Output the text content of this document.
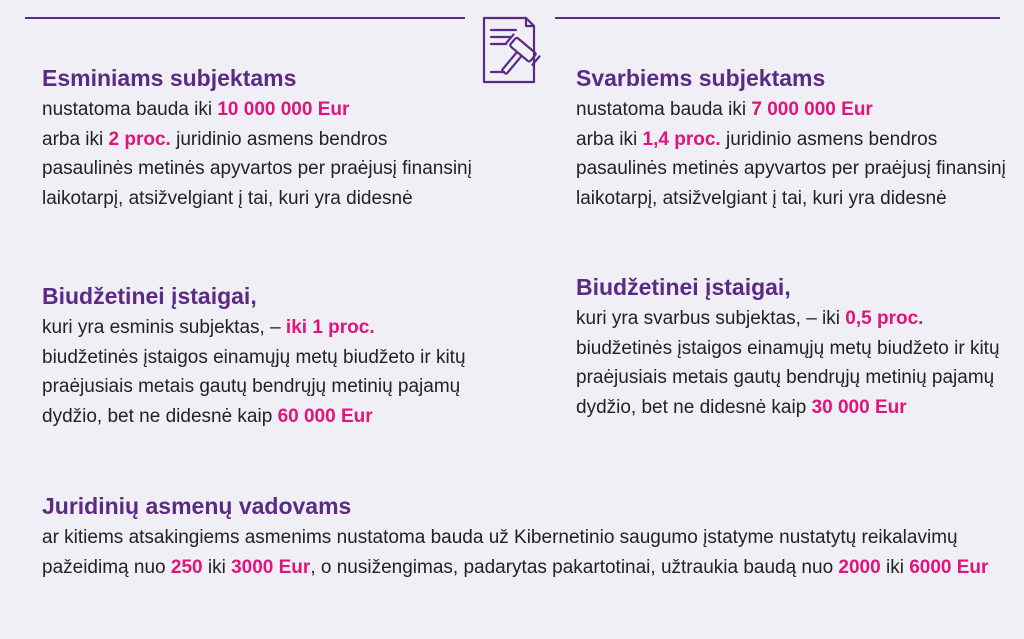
Esminiams subjektams

nustatoma bauda iki 10 000 000 Eur
arba iki 2 proc. juridinio asmens bendros pasaulinės metinės apyvartos per praėjusį finansinį laikotarpį, atsižvelgiant į tai, kuri yra didesnė

Svarbiems subjektams

nustatoma bauda iki 7 000 000 Eur
arba iki 1,4 proc. juridinio asmens bendros pasaulinės metinės apyvartos per praėjusį finansinį laikotarpį, atsižvelgiant į tai, kuri yra didesnė

Biudžetinei įstaigai,

kuri yra esminis subjektas, – iki 1 proc. biudžetinės įstaigos einamųjų metų biudžeto ir kitų praėjusiais metais gautų bendrųjų metinių pajamų dydžio, bet ne didesnė kaip 60 000 Eur

Biudžetinei įstaigai,

kuri yra svarbus subjektas, – iki 0,5 proc. biudžetinės įstaigos einamųjų metų biudžeto ir kitų praėjusiais metais gautų bendrųjų metinių pajamų dydžio, bet ne didesnė kaip 30 000 Eur

Juridinių asmenų vadovams

ar kitiems atsakingiems asmenims nustatoma bauda už Kibernetinio saugumo įstatyme nustatytų reikalavimų pažeidimą nuo 250 iki 3000 Eur, o nusižengimas, padarytas pakartotinai, užtraukia baudą nuo 2000 iki 6000 Eur
